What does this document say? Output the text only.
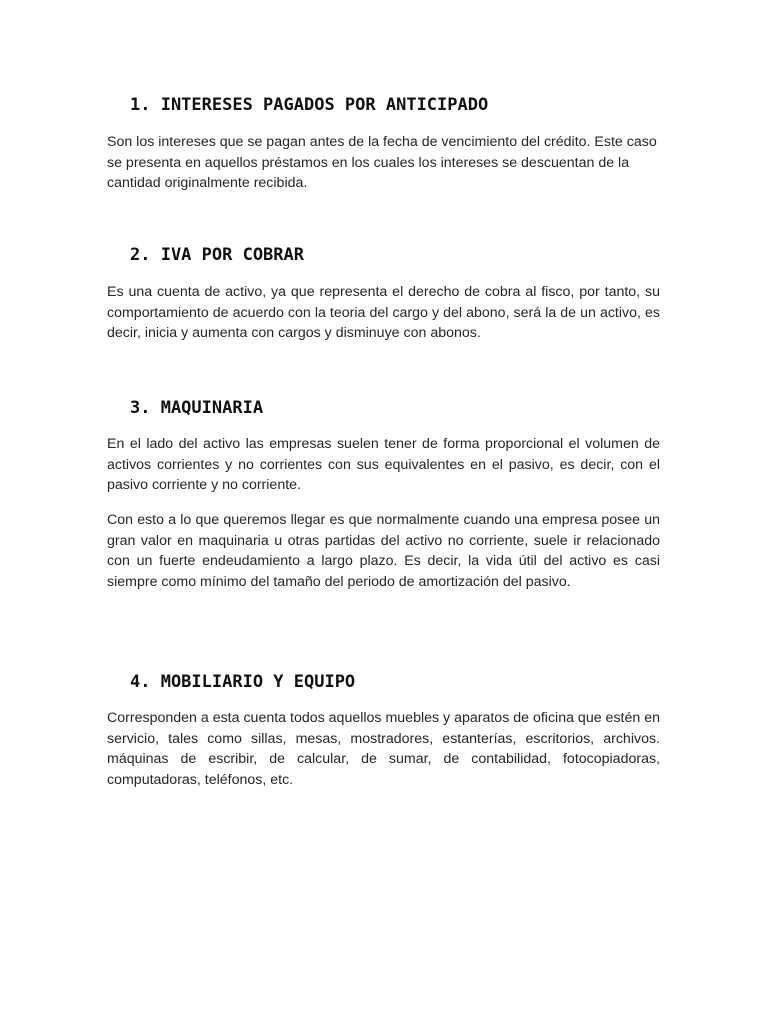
1. INTERESES PAGADOS POR ANTICIPADO

Son los intereses que se pagan antes de la fecha de vencimiento del crédito. Este caso se presenta en aquellos préstamos en los cuales los intereses se descuentan de la cantidad originalmente recibida.

2. IVA POR COBRAR

Es una cuenta de activo, ya que representa el derecho de cobra al fisco, por tanto, su comportamiento de acuerdo con la teoria del cargo y del abono, será la de un activo, es decir, inicia y aumenta con cargos y disminuye con abonos.

3. MAQUINARIA

En el lado del activo las empresas suelen tener de forma proporcional el volumen de activos corrientes y no corrientes con sus equivalentes en el pasivo, es decir, con el pasivo corriente y no corriente.

Con esto a lo que queremos llegar es que normalmente cuando una empresa posee un gran valor en maquinaria u otras partidas del activo no corriente, suele ir relacionado con un fuerte endeudamiento a largo plazo. Es decir, la vida útil del activo es casi siempre como mínimo del tamaño del periodo de amortización del pasivo.

4. MOBILIARIO Y EQUIPO

Corresponden a esta cuenta todos aquellos muebles y aparatos de oficina que estén en servicio, tales como sillas, mesas, mostradores, estanterías, escritorios, archivos. máquinas de escribir, de calcular, de sumar, de contabilidad, fotocopiadoras, computadoras, teléfonos, etc.
